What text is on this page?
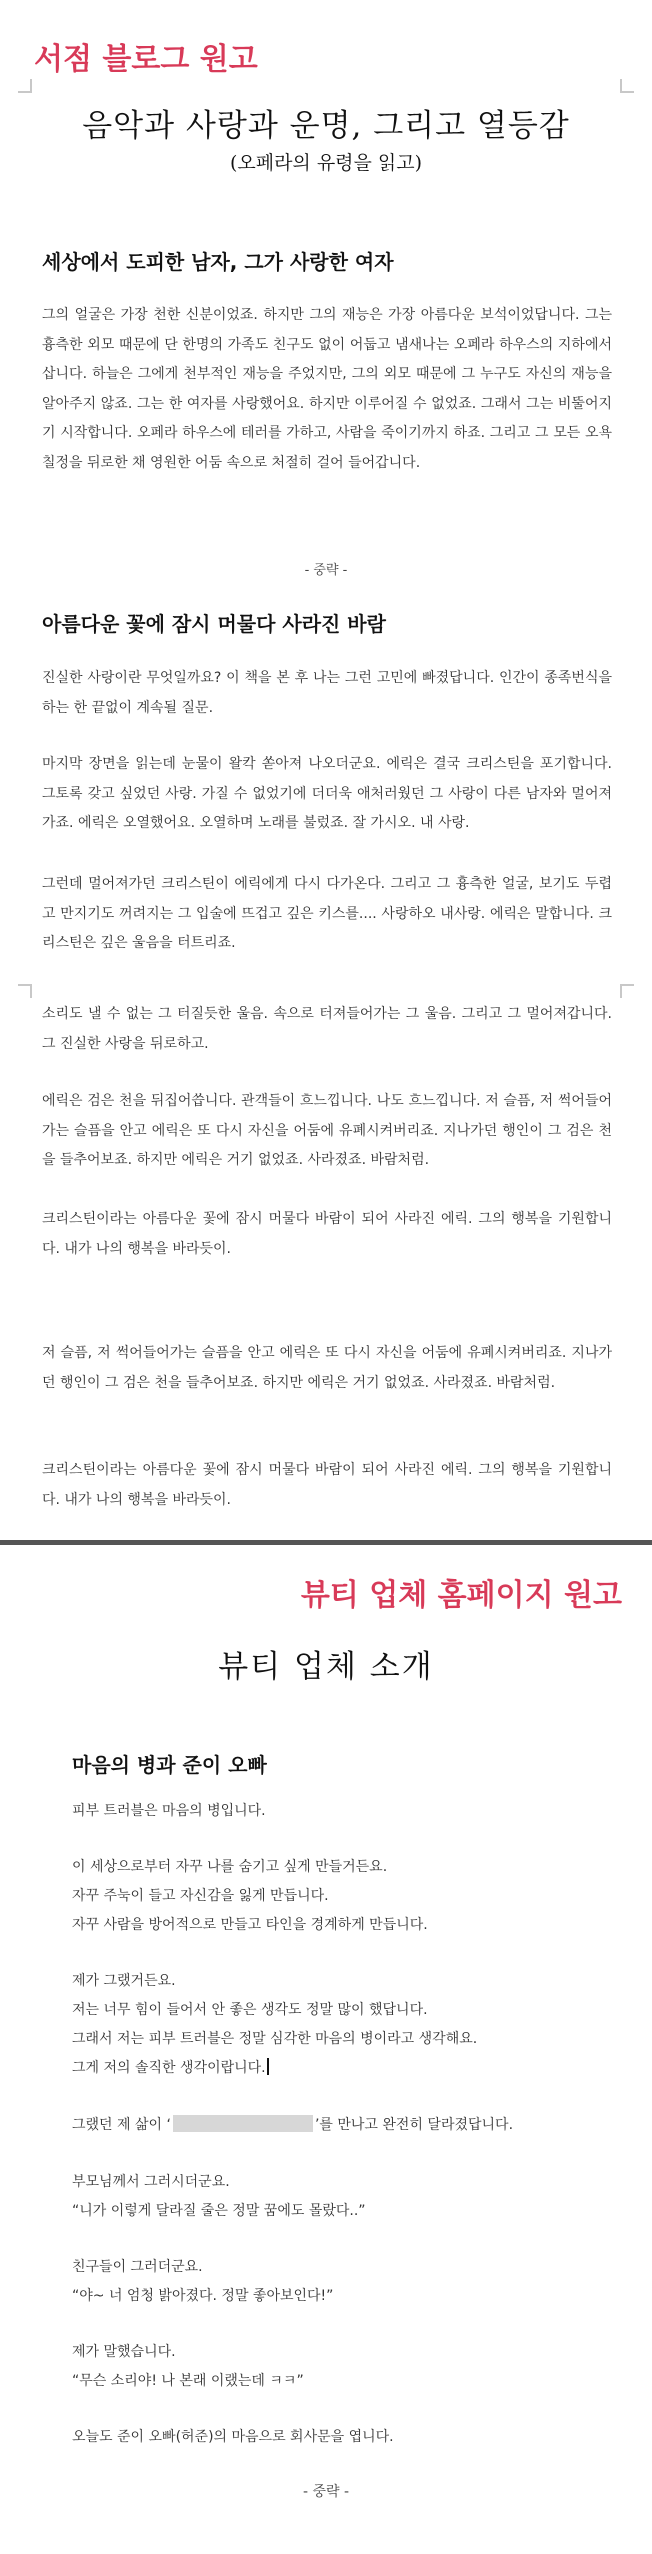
서점 블로그 원고
음악과 사랑과 운명, 그리고 열등감
(오페라의 유령을 읽고)
세상에서 도피한 남자, 그가 사랑한 여자
그의 얼굴은 가장 천한 신분이었죠. 하지만 그의 재능은 가장 아름다운 보석이었답니다. 그는 흉측한 외모 때문에 단 한명의 가족도 친구도 없이 어둡고 냄새나는 오페라 하우스의 지하에서 삽니다. 하늘은 그에게 천부적인 재능을 주었지만, 그의 외모 때문에 그 누구도 자신의 재능을 알아주지 않죠. 그는 한 여자를 사랑했어요. 하지만 이루어질 수 없었죠. 그래서 그는 비뚤어지기 시작합니다. 오페라 하우스에 테러를 가하고, 사람을 죽이기까지 하죠. 그리고 그 모든 오욕칠정을 뒤로한 채 영원한 어둠 속으로 처절히 걸어 들어갑니다.
- 중략 -
아름다운 꽃에 잠시 머물다 사라진 바람
진실한 사랑이란 무엇일까요? 이 책을 본 후 나는 그런 고민에 빠졌답니다. 인간이 종족번식을 하는 한 끝없이 계속될 질문.
마지막 장면을 읽는데 눈물이 왈칵 쏟아져 나오더군요. 에릭은 결국 크리스틴을 포기합니다. 그토록 갖고 싶었던 사랑. 가질 수 없었기에 더더욱 애처러웠던 그 사랑이 다른 남자와 멀어져가죠. 에릭은 오열했어요. 오열하며 노래를 불렀죠. 잘 가시오. 내 사랑.
그런데 멀어져가던 크리스틴이 에릭에게 다시 다가온다. 그리고 그 흉측한 얼굴, 보기도 두렵고 만지기도 꺼려지는 그 입술에 뜨겁고 깊은 키스를.... 사랑하오 내사랑. 에릭은 말합니다. 크리스틴은 깊은 울음을 터트리죠.
소리도 낼 수 없는 그 터질듯한 울음. 속으로 터져들어가는 그 울음. 그리고 그 멀어져갑니다. 그 진실한 사랑을 뒤로하고.
에릭은 검은 천을 뒤집어씁니다. 관객들이 흐느낍니다. 나도 흐느낍니다. 저 슬픔, 저 썩어들어가는 슬픔을 안고 에릭은 또 다시 자신을 어둠에 유폐시켜버리죠. 지나가던 행인이 그 검은 천을 들추어보죠. 하지만 에릭은 거기 없었죠. 사라졌죠. 바람처럼.
크리스틴이라는 아름다운 꽃에 잠시 머물다 바람이 되어 사라진 에릭. 그의 행복을 기원합니다. 내가 나의 행복을 바라듯이.
저 슬픔, 저 썩어들어가는 슬픔을 안고 에릭은 또 다시 자신을 어둠에 유폐시켜버리죠. 지나가던 행인이 그 검은 천을 들추어보죠. 하지만 에릭은 거기 없었죠. 사라졌죠. 바람처럼.
크리스틴이라는 아름다운 꽃에 잠시 머물다 바람이 되어 사라진 에릭. 그의 행복을 기원합니다. 내가 나의 행복을 바라듯이.
뷰티 업체 홈페이지 원고
뷰티 업체 소개
마음의 병과 준이 오빠
피부 트러블은 마음의 병입니다.
이 세상으로부터 자꾸 나를 숨기고 싶게 만들거든요.
자꾸 주눅이 들고 자신감을 잃게 만듭니다.
자꾸 사람을 방어적으로 만들고 타인을 경계하게 만듭니다.
제가 그랬거든요.
저는 너무 힘이 들어서 안 좋은 생각도 정말 많이 했답니다.
그래서 저는 피부 트러블은 정말 심각한 마음의 병이라고 생각해요.
그게 저의 솔직한 생각이랍니다.
그랬던 제 삶이 ‘	’를 만나고 완전히 달라졌답니다.
부모님께서 그러시더군요.
“니가 이렇게 달라질 줄은 정말 꿈에도 몰랐다..”
친구들이 그러더군요.
“야~ 너 엄청 밝아졌다. 정말 좋아보인다!”
제가 말했습니다.
“무슨 소리야! 나 본래 이랬는데 ㅋㅋ”
오늘도 준이 오빠(허준)의 마음으로 회사문을 엽니다.
- 중략 -
